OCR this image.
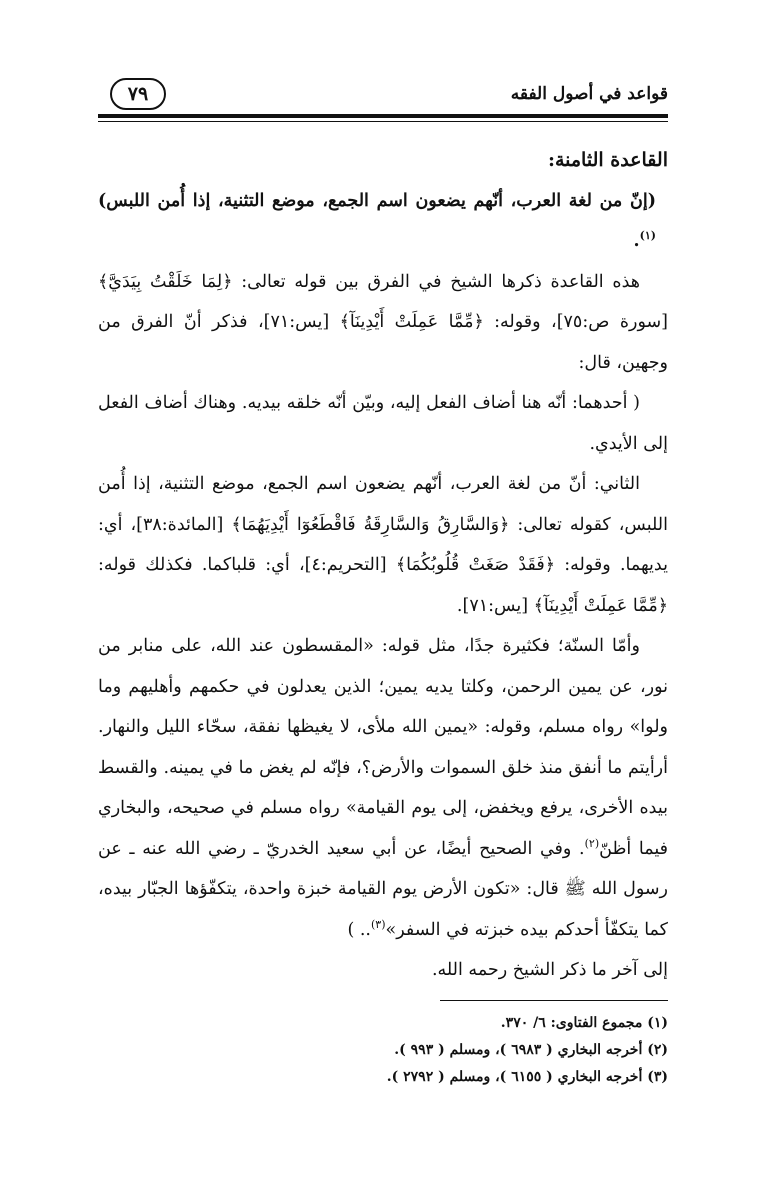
قواعد في أصول الفقه
٧٩

القاعدة الثامنة:

(إنّ من لغة العرب، أنّهم يضعون اسم الجمع، موضع التثنية، إذا أُمن اللبس)$^{(١)}$.

هذه القاعدة ذكرها الشيخ في الفرق بين قوله تعالى: ﴿لِمَا خَلَقْتُ بِيَدَيَّ﴾ [سورة ص:٧٥]، وقوله: ﴿مِّمَّا عَمِلَتْ أَيْدِينَآ﴾ [يس:٧١]، فذكر أنّ الفرق من وجهين، قال:

( أحدهما: أنّه هنا أضاف الفعل إليه، وبيّن أنّه خلقه بيديه. وهناك أضاف الفعل إلى الأيدي.

الثاني: أنّ من لغة العرب، أنّهم يضعون اسم الجمع، موضع التثنية، إذا أُمن اللبس، كقوله تعالى: ﴿وَالسَّارِقُ وَالسَّارِقَةُ فَاقْطَعُوٓا أَيْدِيَهُمَا﴾ [المائدة:٣٨]، أي: يديهما. وقوله: ﴿فَقَدْ صَغَتْ قُلُوبُكُمَا﴾ [التحريم:٤]، أي: قلباكما. فكذلك قوله: ﴿مِّمَّا عَمِلَتْ أَيْدِينَآ﴾ [يس:٧١].

وأمّا السنّة؛ فكثيرة جدًا، مثل قوله: «المقسطون عند الله، على منابر من نور، عن يمين الرحمن، وكلتا يديه يمين؛ الذين يعدلون في حكمهم وأهليهم وما ولوا» رواه مسلم، وقوله: «يمين الله ملأى، لا يغيظها نفقة، سحّاء الليل والنهار. أرأيتم ما أنفق منذ خلق السموات والأرض؟، فإنّه لم يغض ما في يمينه. والقسط بيده الأخرى، يرفع ويخفض، إلى يوم القيامة» رواه مسلم في صحيحه، والبخاري فيما أظنّ$^{(٢)}$. وفي الصحيح أيضًا، عن أبي سعيد الخدريّ ـ رضي الله عنه ـ عن رسول الله ﷺ قال: «تكون الأرض يوم القيامة خبزة واحدة، يتكفّؤها الجبّار بيده، كما يتكفّأ أحدكم بيده خبزته في السفر»$^{(٣)}$.. )

إلى آخر ما ذكر الشيخ رحمه الله.

(١) مجموع الفتاوى: ٦/ ٣٧٠.

(٢) أخرجه البخاري ( ٦٩٨٣ )، ومسلم ( ٩٩٣ ).

(٣) أخرجه البخاري ( ٦١٥٥ )، ومسلم ( ٢٧٩٢ ).
